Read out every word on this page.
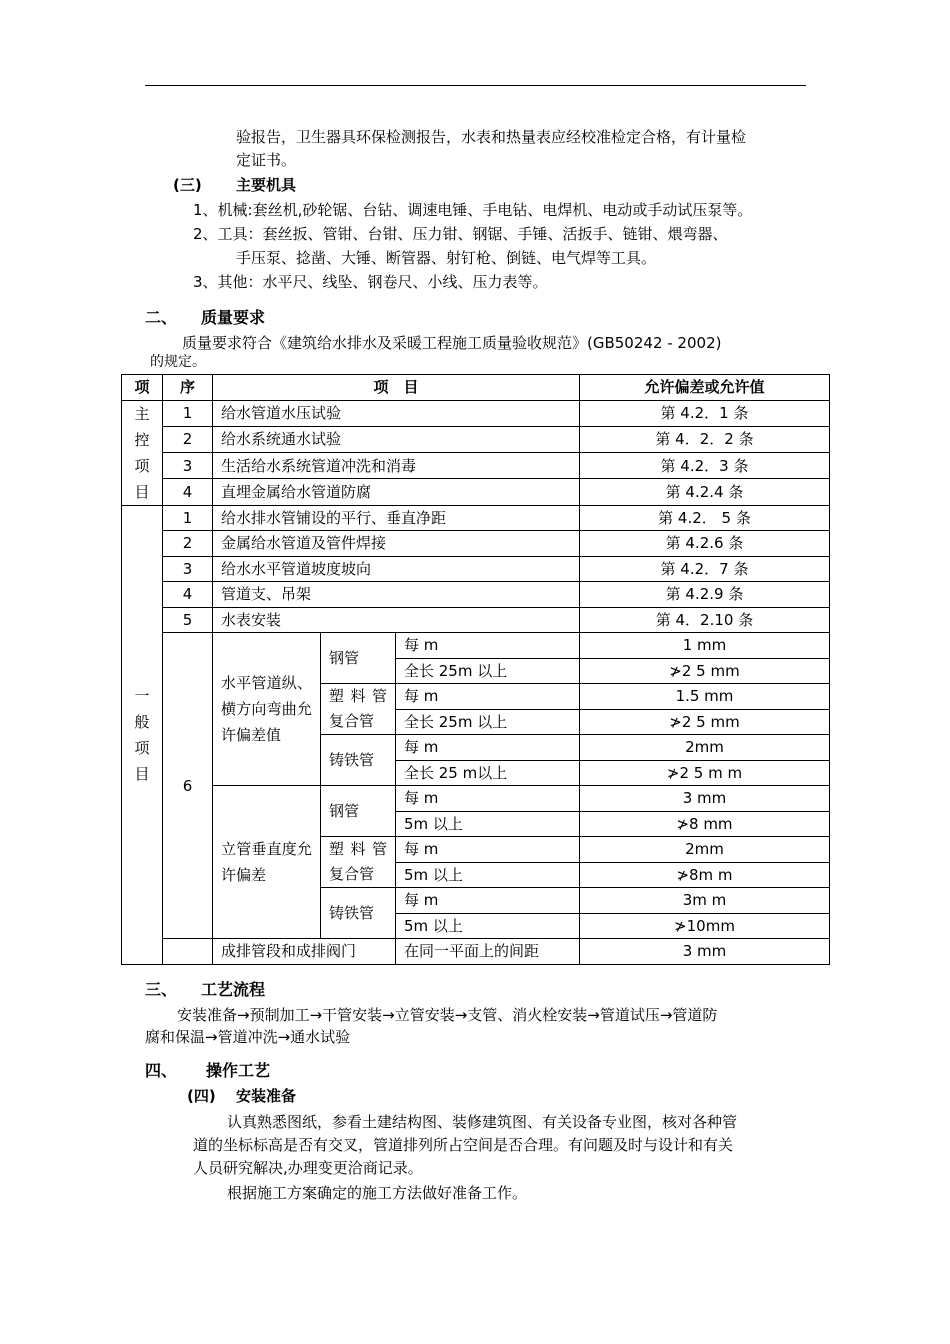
验报告，卫生器具环保检测报告，水表和热量表应经校准检定合格，有计量检
定证书。
(三) 主要机具
1、机械:套丝机,砂轮锯、台钻、调速电锤、手电钻、电焊机、电动或手动试压泵等。
2、工具：套丝扳、管钳、台钳、压力钳、钢锯、手锤、活扳手、链钳、煨弯器、
手压泵、捻凿、大锤、断管器、射钉枪、倒链、电气焊等工具。
3、其他：水平尺、线坠、钢卷尺、小线、压力表等。
二、 质量要求
质量要求符合《建筑给水排水及采暖工程施工质量验收规范》(GB50242 - 2002)
的规定。
项	序	项　目			允许偏差或允许值

主
控
项
目	1	给水管道水压试验			第 4.2．1 条
	2	给水系统通水试验			第 4．2．2 条
	3	生活给水系统管道冲洗和消毒			第 4.2．3 条
	4	直埋金属给水管道防腐			第 4.2.4 条

一
般
项
目	1	给水排水管铺设的平行、垂直净距			第 4.2． 5 条
	2	金属给水管道及管件焊接			第 4.2.6 条
	3	给水水平管道坡度坡向			第 4.2．7 条
	4	管道支、吊架			第 4.2.9 条
	5	水表安装			第 4．2.10 条
	6	水平管道纵、横方向弯曲允许偏差值	钢管	每 m	1 mm
				全长 25m 以上	≯2 5 mm
			塑料管复合管	每 m	1.5 mm
				全长 25m 以上	≯2 5 mm
			铸铁管	每 m	2mm
				全长 25 m以上	≯2 5 m m
		立管垂直度允许偏差	钢管	每 m	3 mm
				5m 以上	≯8 mm
			塑料管复合管	每 m	2mm
				5m 以上	≯8m m
			铸铁管	每 m	3m m
				5m 以上	≯10mm
		成排管段和成排阀门		在同一平面上的间距	3 mm
三、 工艺流程
安装准备→预制加工→干管安装→立管安装→支管、消火栓安装→管道试压→管道防
腐和保温→管道冲洗→通水试验
四、 操作工艺
(四) 安装准备
认真熟悉图纸，参看土建结构图、装修建筑图、有关设备专业图，核对各种管
道的坐标标高是否有交叉，管道排列所占空间是否合理。有问题及时与设计和有关
人员研究解决,办理变更洽商记录。
根据施工方案确定的施工方法做好准备工作。
